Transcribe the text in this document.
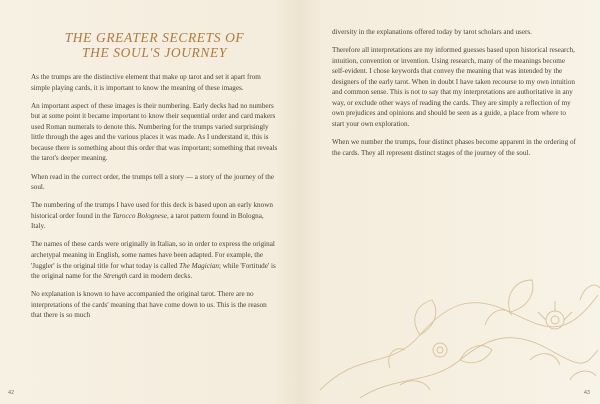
THE GREATER SECRETS OF
THE SOUL'S JOURNEY

As the trumps are the distinctive element that make up tarot and set it apart from simple playing cards, it is important to know the meaning of these images.

An important aspect of these images is their numbering. Early decks had no numbers but at some point it became important to know their sequential order and card makers used Roman numerals to denote this. Numbering for the trumps varied surprisingly little through the ages and the various places it was made. As I understand it, this is because there is something about this order that was important; something that reveals the tarot's deeper meaning.

When read in the correct order, the trumps tell a story — a story of the journey of the soul.

The numbering of the trumps I have used for this deck is based upon an early known historical order found in the Tarocco Bolognese, a tarot pattern found in Bologna, Italy.

The names of these cards were originally in Italian, so in order to express the original archetypal meaning in English, some names have been adapted. For example, the 'Juggler' is the original title for what today is called The Magician; while 'Fortitude' is the original name for the Strength card in modern decks.

No explanation is known to have accompanied the original tarot. There are no interpretations of the cards' meaning that have come down to us. This is the reason that there is so much

42

diversity in the explanations offered today by tarot scholars and users.

Therefore all interpretations are my informed guesses based upon historical research, intuition, convention or invention. Using research, many of the meanings become self-evident. I chose keywords that convey the meaning that was intended by the designers of the early tarot. When in doubt I have taken recourse to my own intuition and common sense. This is not to say that my interpretations are authoritative in any way, or exclude other ways of reading the cards. They are simply a reflection of my own prejudices and opinions and should be seen as a guide, a place from where to start your own exploration.

When we number the trumps, four distinct phases become apparent in the ordering of the cards. They all represent distinct stages of the journey of the soul.

43
